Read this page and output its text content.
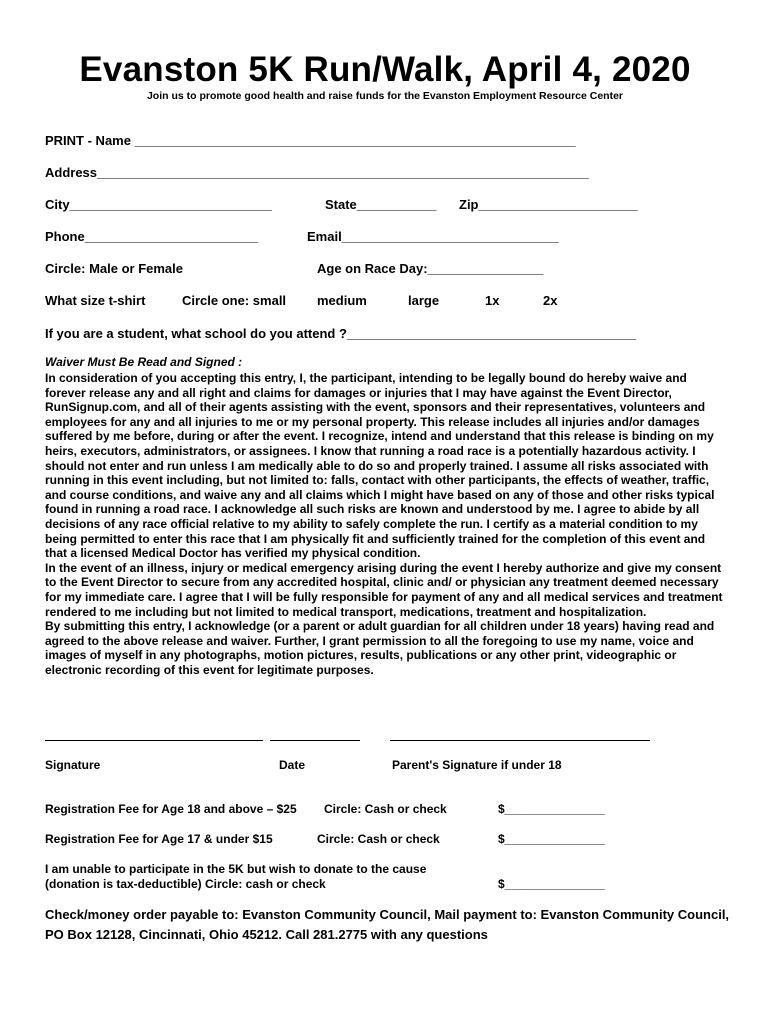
Evanston 5K Run/Walk, April 4, 2020
Join us to promote good health and raise funds for the Evanston Employment Resource Center
PRINT - Name _____________________________________________________________
Address____________________________________________________________________
City____________________________	State___________ Zip______________________
Phone________________________	Email______________________________
Circle: Male or Female	Age on Race Day:________________
What size t-shirt	Circle one: small medium	large	1x	2x
If you are a student, what school do you attend ?________________________________________
Waiver Must Be Read and Signed :

In consideration of you accepting this entry, I, the participant, intending to be legally bound do hereby waive and forever release any and all right and claims for damages or injuries that I may have against the Event Director, RunSignup.com, and all of their agents assisting with the event, sponsors and their representatives, volunteers and employees for any and all injuries to me or my personal property. This release includes all injuries and/or damages suffered by me before, during or after the event. I recognize, intend and understand that this release is binding on my heirs, executors, administrators, or assignees. I know that running a road race is a potentially hazardous activity. I should not enter and run unless I am medically able to do so and properly trained. I assume all risks associated with running in this event including, but not limited to: falls, contact with other participants, the effects of weather, traffic, and course conditions, and waive any and all claims which I might have based on any of those and other risks typical found in running a road race. I acknowledge all such risks are known and understood by me. I agree to abide by all decisions of any race official relative to my ability to safely complete the run. I certify as a material condition to my being permitted to enter this race that I am physically fit and sufficiently trained for the completion of this event and that a licensed Medical Doctor has verified my physical condition.

In the event of an illness, injury or medical emergency arising during the event I hereby authorize and give my consent to the Event Director to secure from any accredited hospital, clinic and/ or physician any treatment deemed necessary for my immediate care. I agree that I will be fully responsible for payment of any and all medical services and treatment rendered to me including but not limited to medical transport, medications, treatment and hospitalization.

By submitting this entry, I acknowledge (or a parent or adult guardian for all children under 18 years) having read and agreed to the above release and waiver. Further, I grant permission to all the foregoing to use my name, voice and images of myself in any photographs, motion pictures, results, publications or any other print, videographic or electronic recording of this event for legitimate purposes.

Signature	Date	Parent's Signature if under 18
Registration Fee for Age 18 and above – $25 Circle: Cash or check	$_______________
Registration Fee for Age 17 & under $15	Circle: Cash or check	$_______________
I am unable to participate in the 5K but wish to donate to the cause
(donation is tax-deductible) Circle: cash or check	$_______________
Check/money order payable to: Evanston Community Council, Mail payment to: Evanston Community Council, PO Box 12128, Cincinnati, Ohio 45212. Call 281.2775 with any questions
